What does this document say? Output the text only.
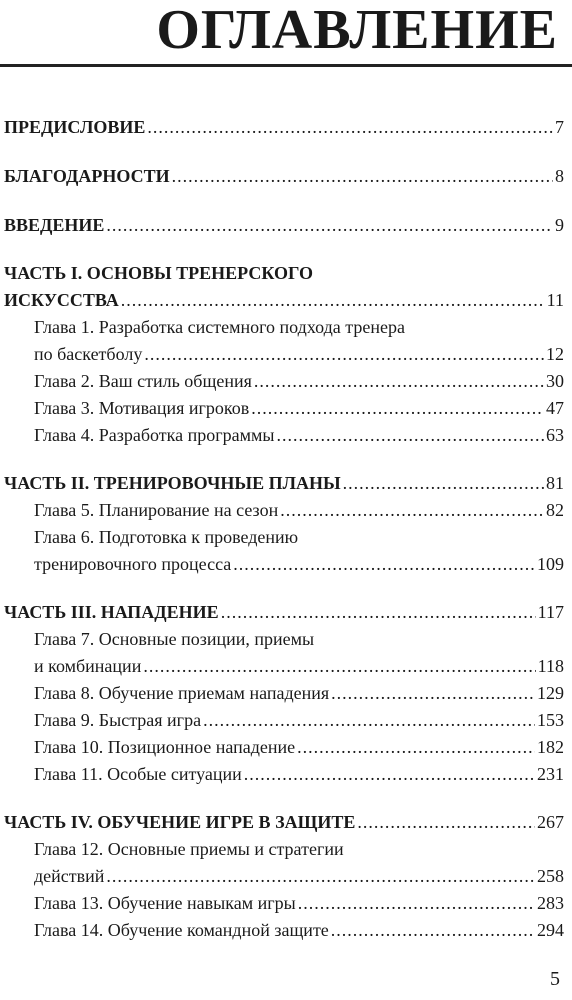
ОГЛАВЛЕНИЕ
ПРЕДИСЛОВИЕ .....	7
БЛАГОДАРНОСТИ .....	8
ВВЕДЕНИЕ .....	9
ЧАСТЬ I. ОСНОВЫ ТРЕНЕРСКОГО
ИСКУССТВА .....	11
Глава 1. Разработка системного подхода тренера
по баскетболу .....	12
Глава 2. Ваш стиль общения .....	30
Глава 3. Мотивация игроков .....	47
Глава 4. Разработка программы .....	63
ЧАСТЬ II. ТРЕНИРОВОЧНЫЕ ПЛАНЫ .....	81
Глава 5. Планирование на сезон .....	82
Глава 6. Подготовка к проведению
тренировочного процесса .....	109
ЧАСТЬ III. НАПАДЕНИЕ .....	117
Глава 7. Основные позиции, приемы
и комбинации .....	118
Глава 8. Обучение приемам нападения .....	129
Глава 9. Быстрая игра .....	153
Глава 10. Позиционное нападение .....	182
Глава 11. Особые ситуации .....	231
ЧАСТЬ IV. ОБУЧЕНИЕ ИГРЕ В ЗАЩИТЕ .....	267
Глава 12. Основные приемы и стратегии
действий .....	258
Глава 13. Обучение навыкам игры .....	283
Глава 14. Обучение командной защите .....	294
5
